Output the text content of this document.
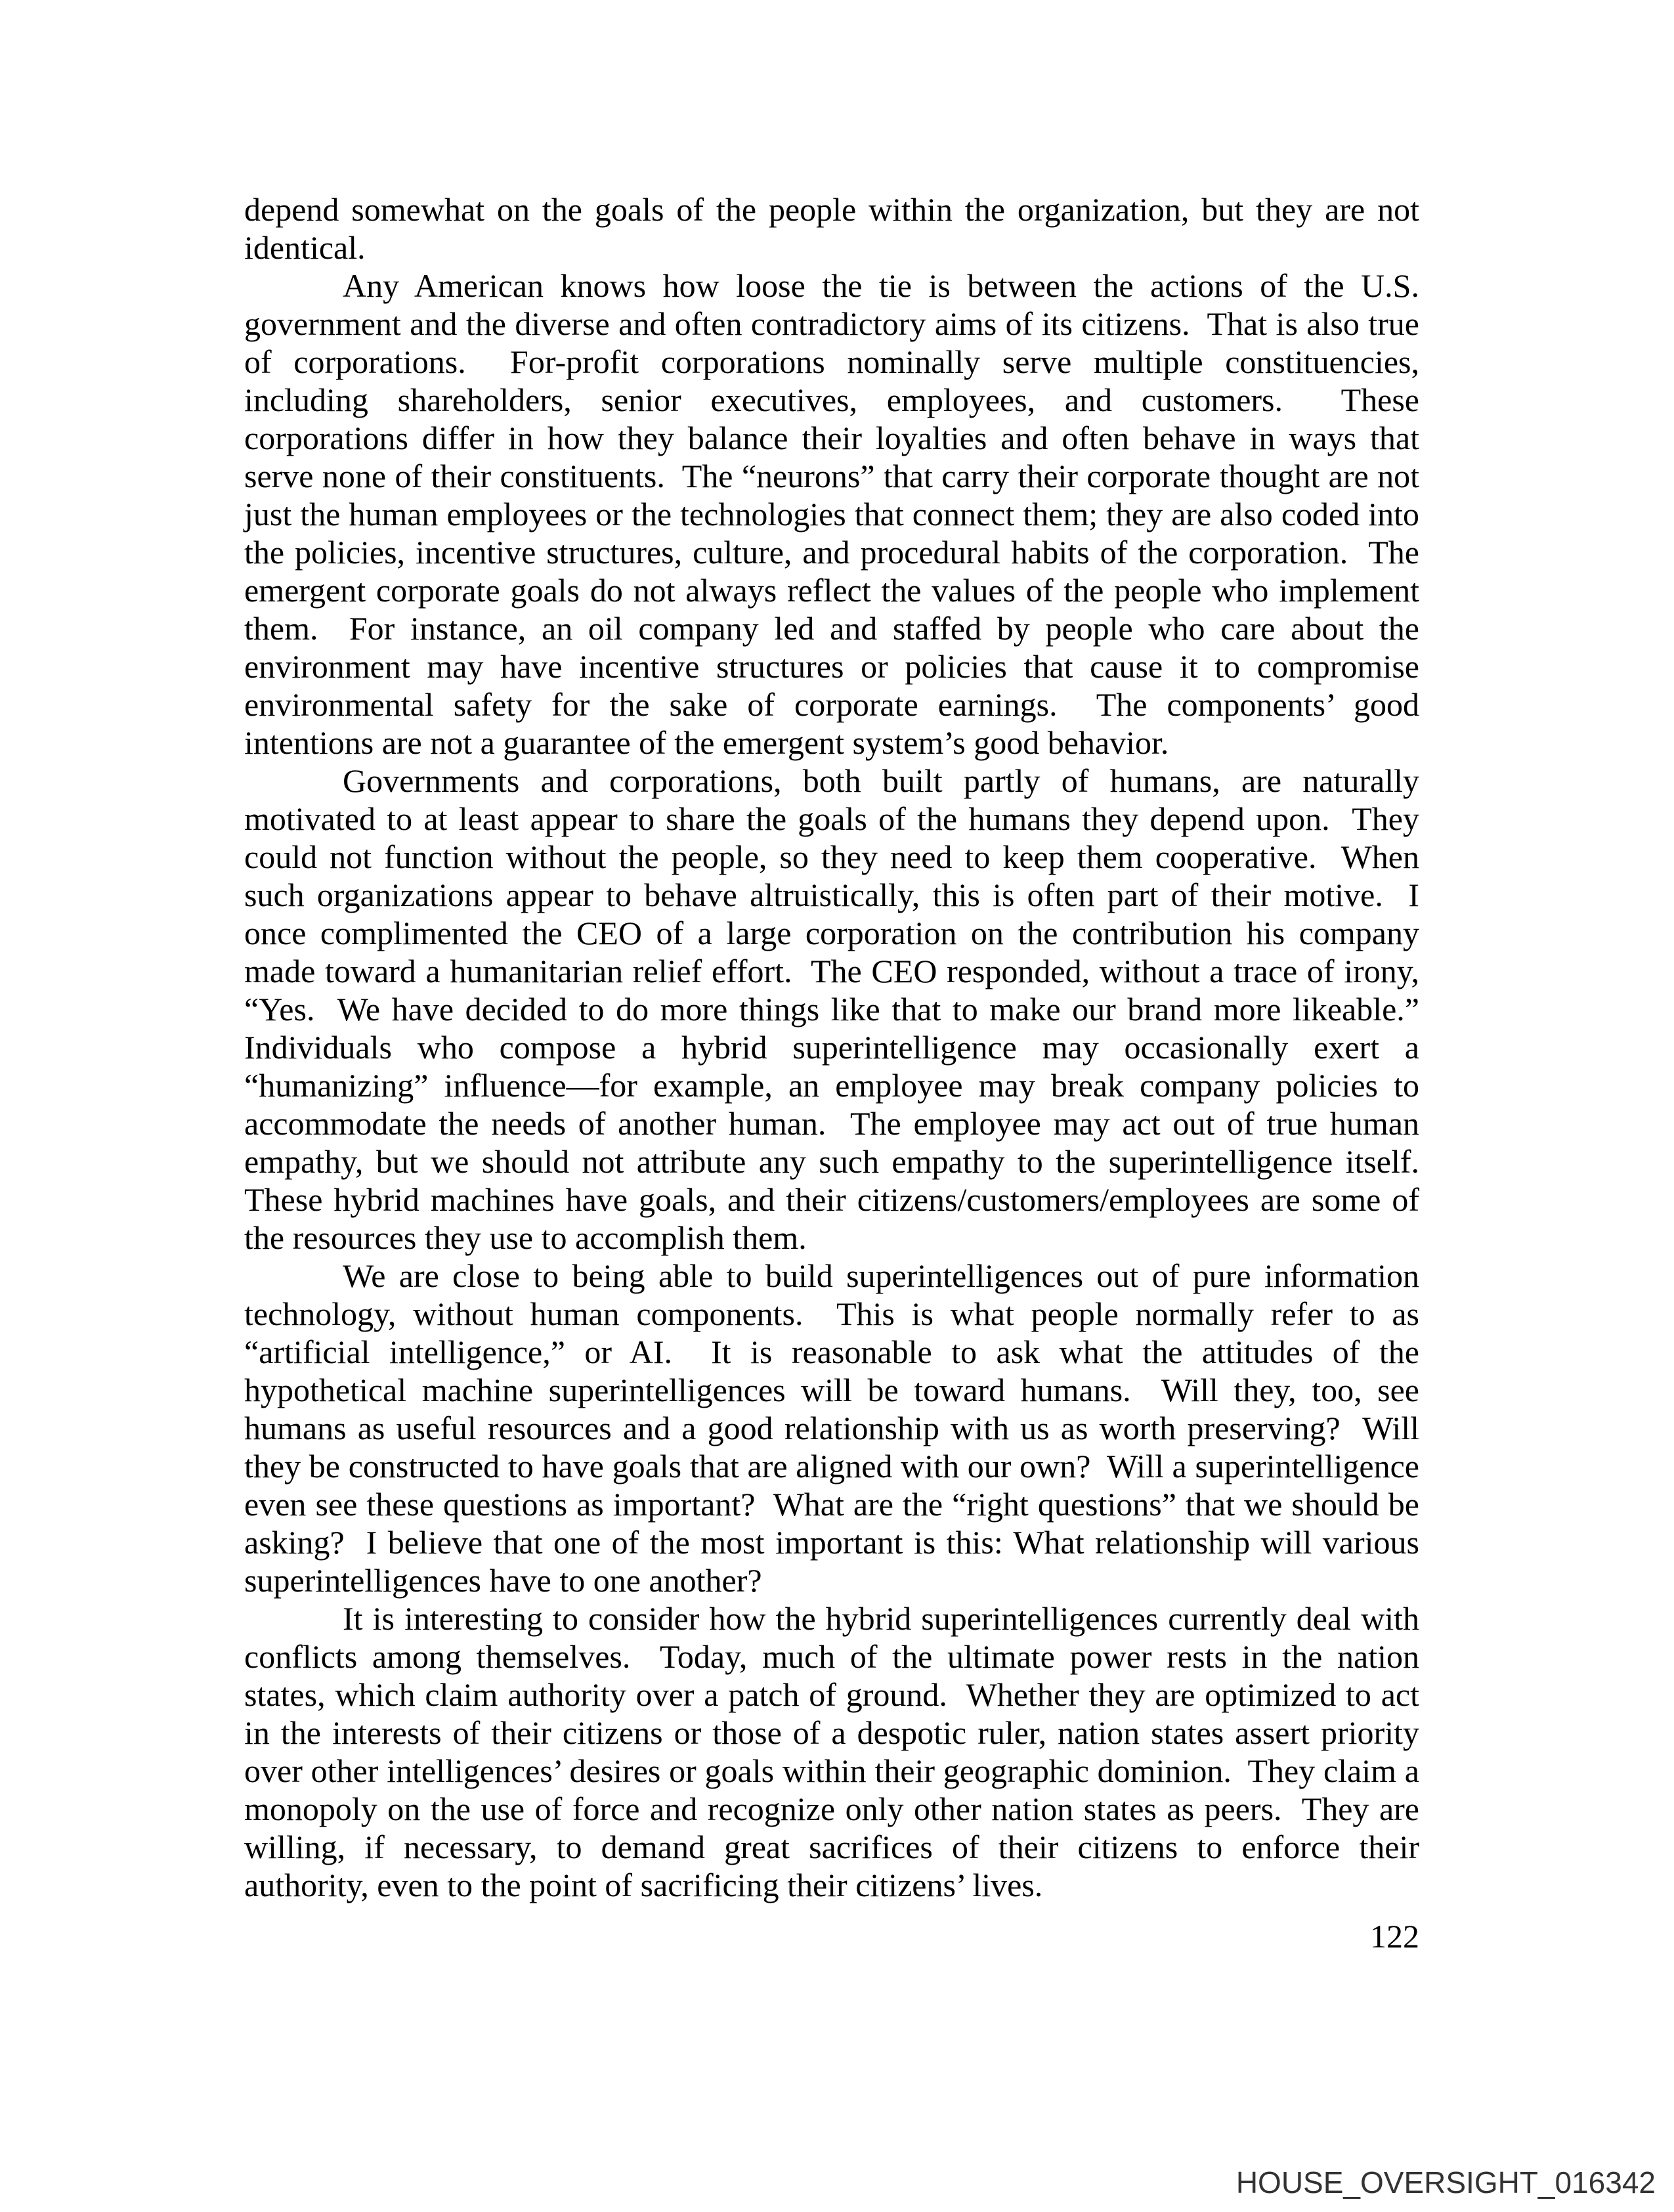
depend somewhat on the goals of the people within the organization, but they are not identical.

Any American knows how loose the tie is between the actions of the U.S. government and the diverse and often contradictory aims of its citizens.  That is also true of corporations.  For-profit corporations nominally serve multiple constituencies, including shareholders, senior executives, employees, and customers.  These corporations differ in how they balance their loyalties and often behave in ways that serve none of their constituents.  The “neurons” that carry their corporate thought are not just the human employees or the technologies that connect them; they are also coded into the policies, incentive structures, culture, and procedural habits of the corporation.  The emergent corporate goals do not always reflect the values of the people who implement them.  For instance, an oil company led and staffed by people who care about the environment may have incentive structures or policies that cause it to compromise environmental safety for the sake of corporate earnings.  The components’ good intentions are not a guarantee of the emergent system’s good behavior.

Governments and corporations, both built partly of humans, are naturally motivated to at least appear to share the goals of the humans they depend upon.  They could not function without the people, so they need to keep them cooperative.  When such organizations appear to behave altruistically, this is often part of their motive.  I once complimented the CEO of a large corporation on the contribution his company made toward a humanitarian relief effort.  The CEO responded, without a trace of irony, “Yes.  We have decided to do more things like that to make our brand more likeable.” Individuals who compose a hybrid superintelligence may occasionally exert a “humanizing” influence—for example, an employee may break company policies to accommodate the needs of another human.  The employee may act out of true human empathy, but we should not attribute any such empathy to the superintelligence itself.  These hybrid machines have goals, and their citizens/customers/employees are some of the resources they use to accomplish them.

We are close to being able to build superintelligences out of pure information technology, without human components.  This is what people normally refer to as “artificial intelligence,” or AI.  It is reasonable to ask what the attitudes of the hypothetical machine superintelligences will be toward humans.  Will they, too, see humans as useful resources and a good relationship with us as worth preserving?  Will they be constructed to have goals that are aligned with our own?  Will a superintelligence even see these questions as important?  What are the “right questions” that we should be asking?  I believe that one of the most important is this: What relationship will various superintelligences have to one another?

It is interesting to consider how the hybrid superintelligences currently deal with conflicts among themselves.  Today, much of the ultimate power rests in the nation states, which claim authority over a patch of ground.  Whether they are optimized to act in the interests of their citizens or those of a despotic ruler, nation states assert priority over other intelligences’ desires or goals within their geographic dominion.  They claim a monopoly on the use of force and recognize only other nation states as peers.  They are willing, if necessary, to demand great sacrifices of their citizens to enforce their authority, even to the point of sacrificing their citizens’ lives.

122
HOUSE_OVERSIGHT_016342
